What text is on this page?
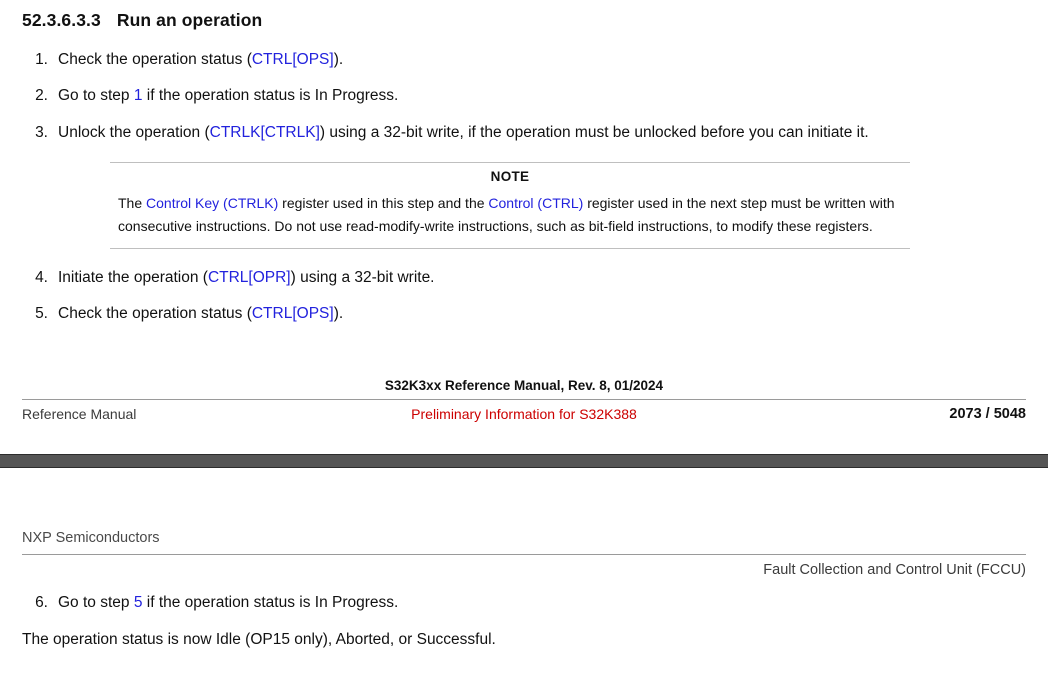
52.3.6.3.3 Run an operation
1. Check the operation status (CTRL[OPS]).
2. Go to step 1 if the operation status is In Progress.
3. Unlock the operation (CTRLK[CTRLK]) using a 32-bit write, if the operation must be unlocked before you can initiate it.
NOTE
The Control Key (CTRLK) register used in this step and the Control (CTRL) register used in the next step must be written with consecutive instructions. Do not use read-modify-write instructions, such as bit-field instructions, to modify these registers.
4. Initiate the operation (CTRL[OPR]) using a 32-bit write.
5. Check the operation status (CTRL[OPS]).
S32K3xx Reference Manual, Rev. 8, 01/2024
Reference Manual	Preliminary Information for S32K388	2073 / 5048
NXP Semiconductors
Fault Collection and Control Unit (FCCU)
6. Go to step 5 if the operation status is In Progress.
The operation status is now Idle (OP15 only), Aborted, or Successful.
